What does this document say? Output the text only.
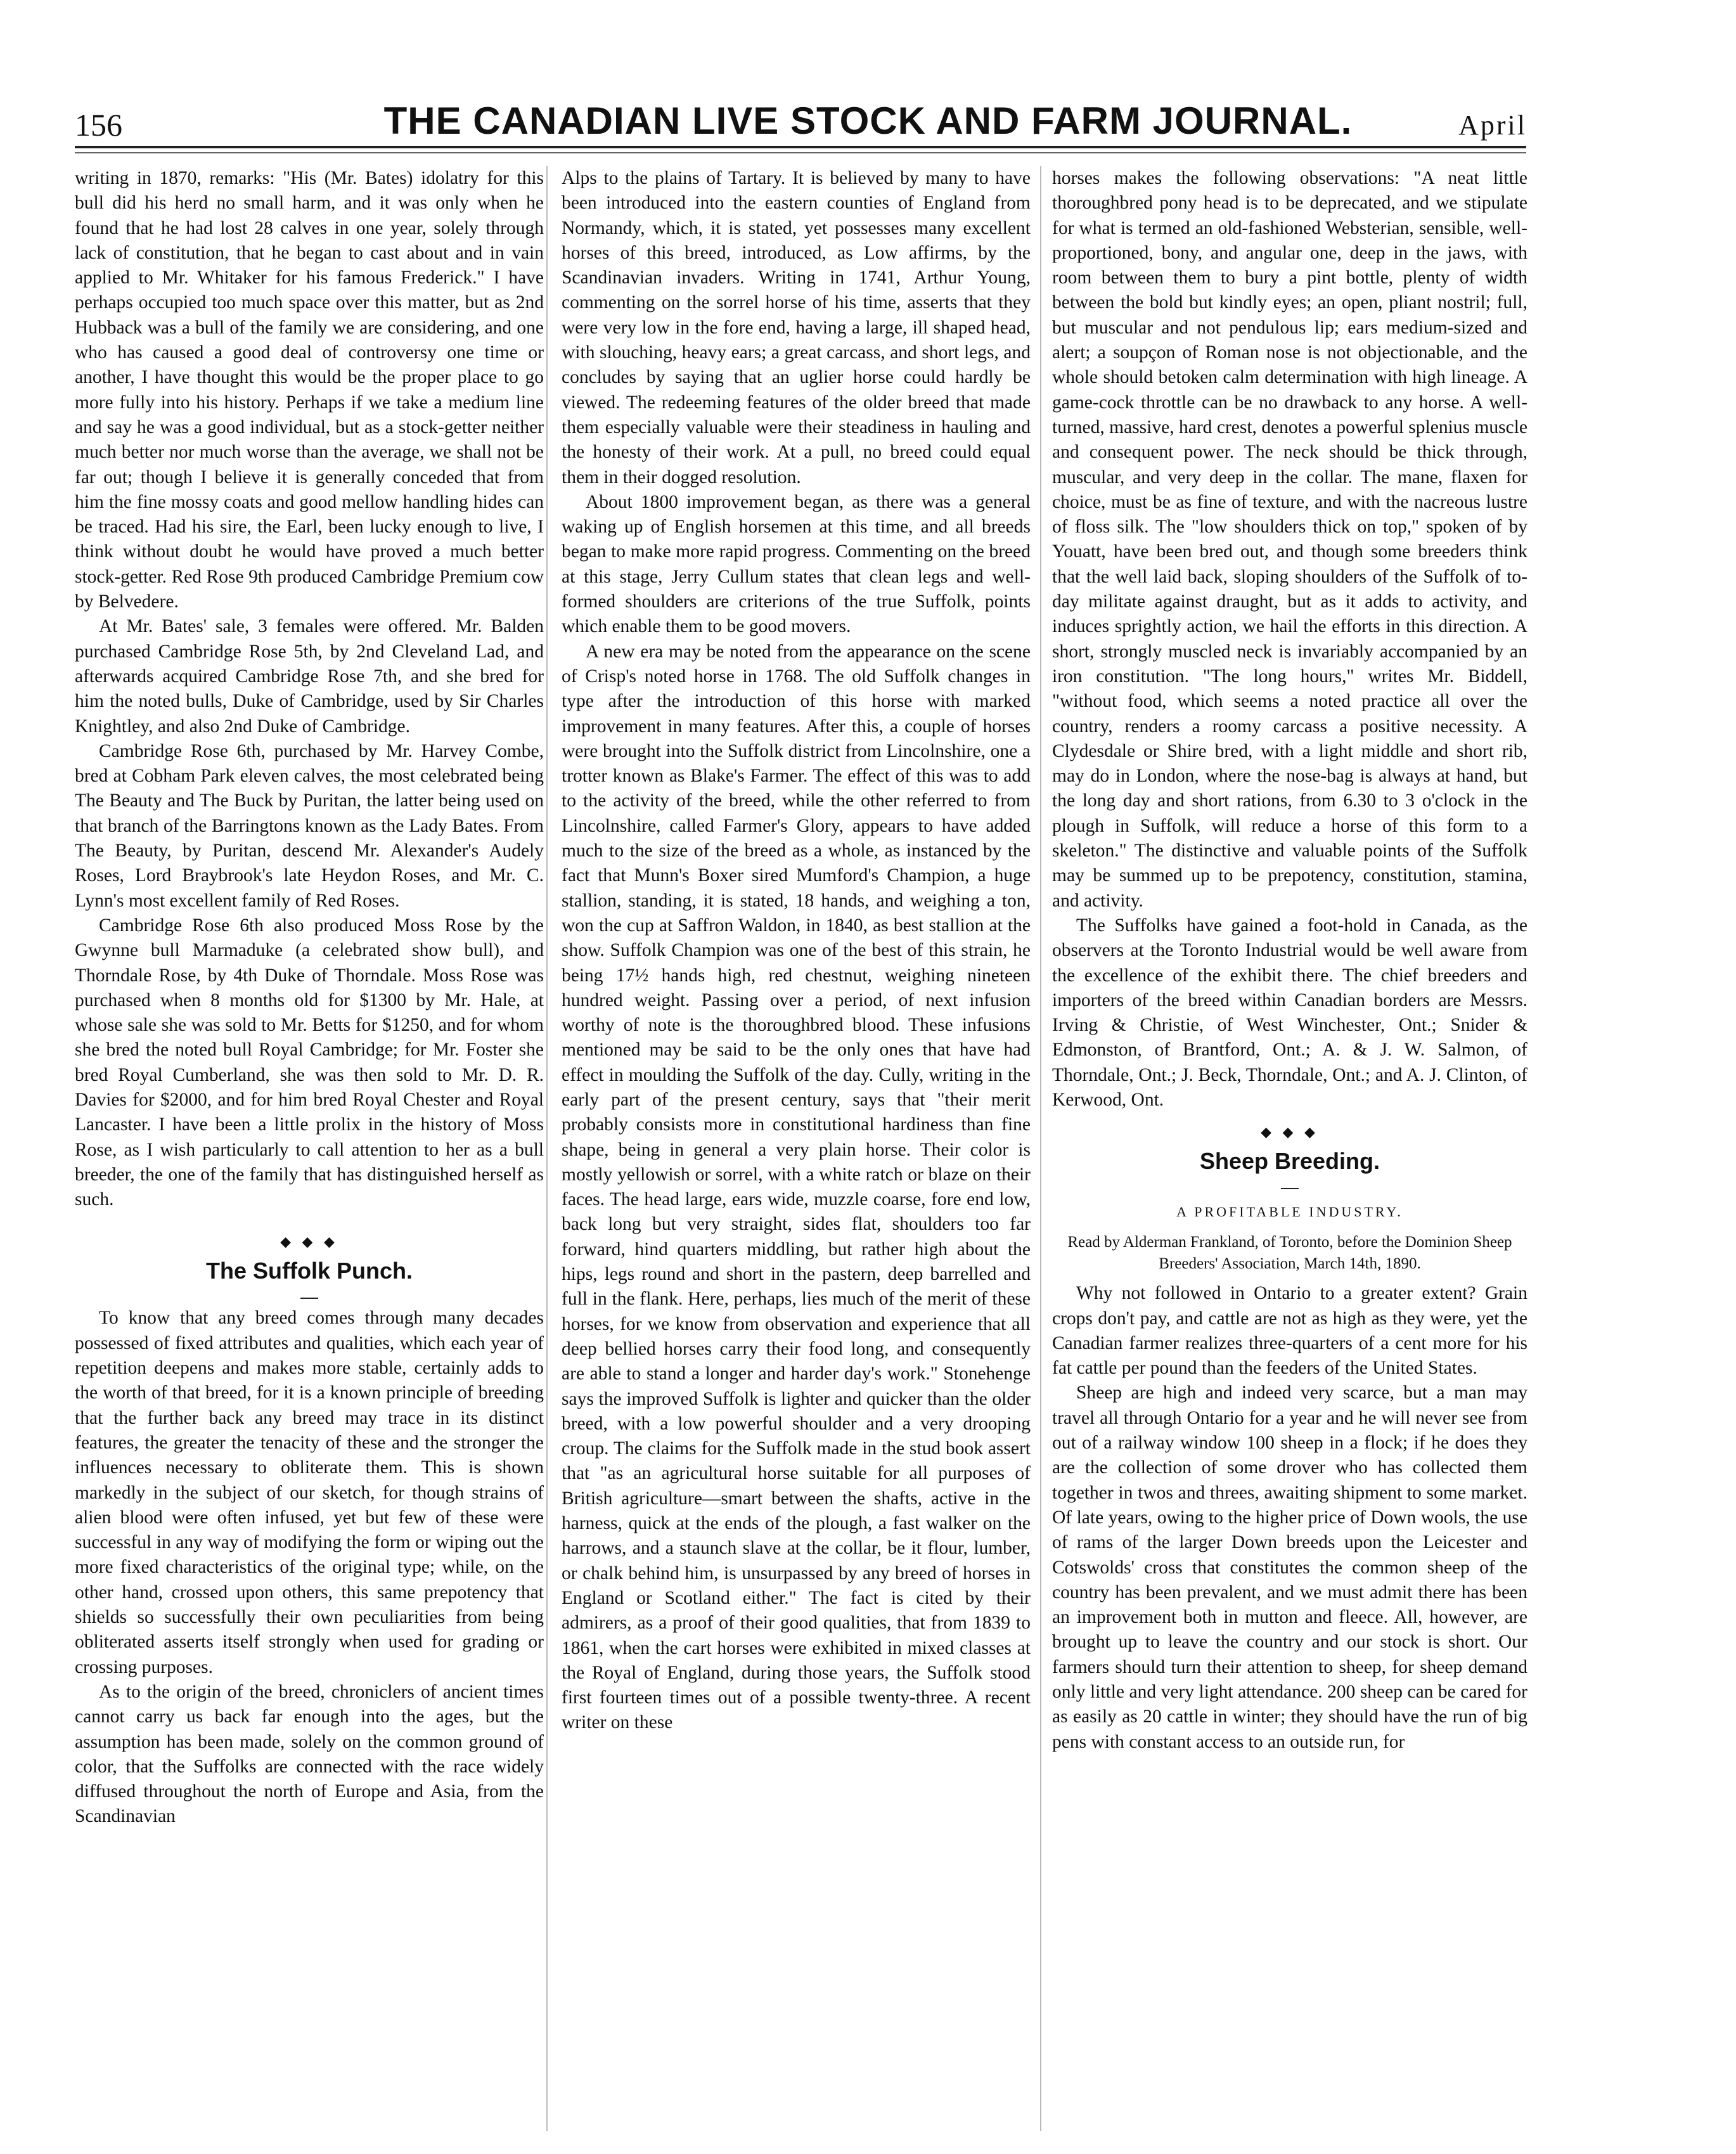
156	THE CANADIAN LIVE STOCK AND FARM JOURNAL.	April

writing in 1870, remarks: "His (Mr. Bates) idolatry for this bull did his herd no small harm, and it was only when he found that he had lost 28 calves in one year, solely through lack of constitution, that he began to cast about and in vain applied to Mr. Whitaker for his famous Frederick." I have perhaps occupied too much space over this matter, but as 2nd Hubback was a bull of the family we are considering, and one who has caused a good deal of controversy one time or another, I have thought this would be the proper place to go more fully into his history. Perhaps if we take a medium line and say he was a good individual, but as a stock-getter neither much better nor much worse than the average, we shall not be far out; though I believe it is generally conceded that from him the fine mossy coats and good mellow handling hides can be traced. Had his sire, the Earl, been lucky enough to live, I think without doubt he would have proved a much better stock-getter. Red Rose 9th produced Cambridge Premium cow by Belvedere.

At Mr. Bates' sale, 3 females were offered. Mr. Balden purchased Cambridge Rose 5th, by 2nd Cleveland Lad, and afterwards acquired Cambridge Rose 7th, and she bred for him the noted bulls, Duke of Cambridge, used by Sir Charles Knightley, and also 2nd Duke of Cambridge.

Cambridge Rose 6th, purchased by Mr. Harvey Combe, bred at Cobham Park eleven calves, the most celebrated being The Beauty and The Buck by Puritan, the latter being used on that branch of the Barringtons known as the Lady Bates. From The Beauty, by Puritan, descend Mr. Alexander's Audely Roses, Lord Braybrook's late Heydon Roses, and Mr. C. Lynn's most excellent family of Red Roses.

Cambridge Rose 6th also produced Moss Rose by the Gwynne bull Marmaduke (a celebrated show bull), and Thorndale Rose, by 4th Duke of Thorndale. Moss Rose was purchased when 8 months old for $1300 by Mr. Hale, at whose sale she was sold to Mr. Betts for $1250, and for whom she bred the noted bull Royal Cambridge; for Mr. Foster she bred Royal Cumberland, she was then sold to Mr. D. R. Davies for $2000, and for him bred Royal Chester and Royal Lancaster. I have been a little prolix in the history of Moss Rose, as I wish particularly to call attention to her as a bull breeder, the one of the family that has distinguished herself as such.

◆ ◆ ◆
The Suffolk Punch.

To know that any breed comes through many decades possessed of fixed attributes and qualities, which each year of repetition deepens and makes more stable, certainly adds to the worth of that breed, for it is a known principle of breeding that the further back any breed may trace in its distinct features, the greater the tenacity of these and the stronger the influences necessary to obliterate them. This is shown markedly in the subject of our sketch, for though strains of alien blood were often infused, yet but few of these were successful in any way of modifying the form or wiping out the more fixed characteristics of the original type; while, on the other hand, crossed upon others, this same prepotency that shields so successfully their own peculiarities from being obliterated asserts itself strongly when used for grading or crossing purposes.

As to the origin of the breed, chroniclers of ancient times cannot carry us back far enough into the ages, but the assumption has been made, solely on the common ground of color, that the Suffolks are connected with the race widely diffused throughout the north of Europe and Asia, from the Scandinavian

Alps to the plains of Tartary. It is believed by many to have been introduced into the eastern counties of England from Normandy, which, it is stated, yet possesses many excellent horses of this breed, introduced, as Low affirms, by the Scandinavian invaders. Writing in 1741, Arthur Young, commenting on the sorrel horse of his time, asserts that they were very low in the fore end, having a large, ill shaped head, with slouching, heavy ears; a great carcass, and short legs, and concludes by saying that an uglier horse could hardly be viewed. The redeeming features of the older breed that made them especially valuable were their steadiness in hauling and the honesty of their work. At a pull, no breed could equal them in their dogged resolution.

About 1800 improvement began, as there was a general waking up of English horsemen at this time, and all breeds began to make more rapid progress. Commenting on the breed at this stage, Jerry Cullum states that clean legs and well-formed shoulders are criterions of the true Suffolk, points which enable them to be good movers.

A new era may be noted from the appearance on the scene of Crisp's noted horse in 1768. The old Suffolk changes in type after the introduction of this horse with marked improvement in many features. After this, a couple of horses were brought into the Suffolk district from Lincolnshire, one a trotter known as Blake's Farmer. The effect of this was to add to the activity of the breed, while the other referred to from Lincolnshire, called Farmer's Glory, appears to have added much to the size of the breed as a whole, as instanced by the fact that Munn's Boxer sired Mumford's Champion, a huge stallion, standing, it is stated, 18 hands, and weighing a ton, won the cup at Saffron Waldon, in 1840, as best stallion at the show. Suffolk Champion was one of the best of this strain, he being 17½ hands high, red chestnut, weighing nineteen hundred weight. Passing over a period, of next infusion worthy of note is the thoroughbred blood. These infusions mentioned may be said to be the only ones that have had effect in moulding the Suffolk of the day. Cully, writing in the early part of the present century, says that "their merit probably consists more in constitutional hardiness than fine shape, being in general a very plain horse. Their color is mostly yellowish or sorrel, with a white ratch or blaze on their faces. The head large, ears wide, muzzle coarse, fore end low, back long but very straight, sides flat, shoulders too far forward, hind quarters middling, but rather high about the hips, legs round and short in the pastern, deep barrelled and full in the flank. Here, perhaps, lies much of the merit of these horses, for we know from observation and experience that all deep bellied horses carry their food long, and consequently are able to stand a longer and harder day's work." Stonehenge says the improved Suffolk is lighter and quicker than the older breed, with a low powerful shoulder and a very drooping croup. The claims for the Suffolk made in the stud book assert that "as an agricultural horse suitable for all purposes of British agriculture—smart between the shafts, active in the harness, quick at the ends of the plough, a fast walker on the harrows, and a staunch slave at the collar, be it flour, lumber, or chalk behind him, is unsurpassed by any breed of horses in England or Scotland either." The fact is cited by their admirers, as a proof of their good qualities, that from 1839 to 1861, when the cart horses were exhibited in mixed classes at the Royal of England, during those years, the Suffolk stood first fourteen times out of a possible twenty-three. A recent writer on these

horses makes the following observations: "A neat little thoroughbred pony head is to be deprecated, and we stipulate for what is termed an old-fashioned Websterian, sensible, well-proportioned, bony, and angular one, deep in the jaws, with room between them to bury a pint bottle, plenty of width between the bold but kindly eyes; an open, pliant nostril; full, but muscular and not pendulous lip; ears medium-sized and alert; a soupçon of Roman nose is not objectionable, and the whole should betoken calm determination with high lineage. A game-cock throttle can be no drawback to any horse. A well-turned, massive, hard crest, denotes a powerful splenius muscle and consequent power. The neck should be thick through, muscular, and very deep in the collar. The mane, flaxen for choice, must be as fine of texture, and with the nacreous lustre of floss silk. The "low shoulders thick on top," spoken of by Youatt, have been bred out, and though some breeders think that the well laid back, sloping shoulders of the Suffolk of to-day militate against draught, but as it adds to activity, and induces sprightly action, we hail the efforts in this direction. A short, strongly muscled neck is invariably accompanied by an iron constitution. "The long hours," writes Mr. Biddell, "without food, which seems a noted practice all over the country, renders a roomy carcass a positive necessity. A Clydesdale or Shire bred, with a light middle and short rib, may do in London, where the nose-bag is always at hand, but the long day and short rations, from 6.30 to 3 o'clock in the plough in Suffolk, will reduce a horse of this form to a skeleton." The distinctive and valuable points of the Suffolk may be summed up to be prepotency, constitution, stamina, and activity.

The Suffolks have gained a foot-hold in Canada, as the observers at the Toronto Industrial would be well aware from the excellence of the exhibit there. The chief breeders and importers of the breed within Canadian borders are Messrs. Irving & Christie, of West Winchester, Ont.; Snider & Edmonston, of Brantford, Ont.; A. & J. W. Salmon, of Thorndale, Ont.; J. Beck, Thorndale, Ont.; and A. J. Clinton, of Kerwood, Ont.

◆ ◆ ◆
Sheep Breeding.
A PROFITABLE INDUSTRY.
Read by Alderman Frankland, of Toronto, before the Dominion Sheep Breeders' Association, March 14th, 1890.

Why not followed in Ontario to a greater extent? Grain crops don't pay, and cattle are not as high as they were, yet the Canadian farmer realizes three-quarters of a cent more for his fat cattle per pound than the feeders of the United States.

Sheep are high and indeed very scarce, but a man may travel all through Ontario for a year and he will never see from out of a railway window 100 sheep in a flock; if he does they are the collection of some drover who has collected them together in twos and threes, awaiting shipment to some market. Of late years, owing to the higher price of Down wools, the use of rams of the larger Down breeds upon the Leicester and Cotswolds' cross that constitutes the common sheep of the country has been prevalent, and we must admit there has been an improvement both in mutton and fleece. All, however, are brought up to leave the country and our stock is short. Our farmers should turn their attention to sheep, for sheep demand only little and very light attendance. 200 sheep can be cared for as easily as 20 cattle in winter; they should have the run of big pens with constant access to an outside run, for
